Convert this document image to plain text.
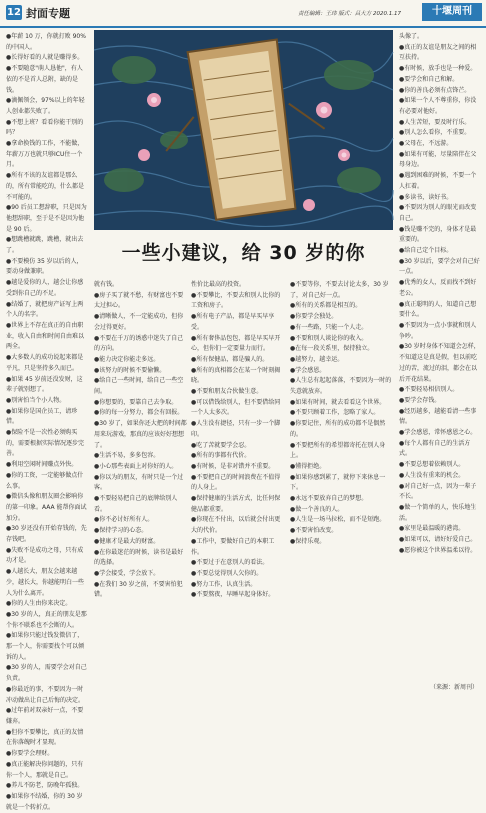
12 封面专题	责任编辑：王玮 版式：吕大方 2020.1.17	十堰周刊
一些小建议，给 30 岁的你

●年薪 10 万，你就打败 90%的中国人。

●长得好看的人就是赚得多。

●不要随意"萌人恳他"，有人依的不是首人总附，缺的是钱。

●滴佩领会，97%以上的年轻人创业都失败了。

●不想上班？看看你能干别的吗？

●拿命换钱的工作，不能做，年薪万万也就只够ICU住一个月。

●所有不该的友谊都是那么的，所有常能吃的，什么都是不可能的。

●90 后员工想辞职，只是因为他想辞职，至于是不是因为他是 90 后。

●想跳槽就跳，跳槽，就出去了。

●不要模仿 35 岁以后的人，要动身做兼职。

●越是爱你的人，越会让你感受到你自己的不足。

●结婚了，就把房产证写上两个人的名字。

●世界上不存在真正的自由职业，收入自由和时间自由难以两全。

●大多数人的成功说起来都是平凡，只是坚持多久而已。

●如果 45 岁前还没发财，这辈子就别想了。

●别害怕当个小人物。

●如果你是国企员工，请珍惜。

●保险不是一次性必须购买的，需要根据实际情况逐步完善。

●利用空闲时间赚点外快。

●你的工资，一定能够做点什么事。

●微信头像和朋友圈会影响你的第一印象。AAA 能帮你面试加分。

●30 岁还没有开始存钱的，先存钱吧。

●失败不是成功之母，只有成功才是。

●人越长大，朋友会越来越少，越长大，你越能明白一些人为什么离开。

●你的人生由你来决定。

●30 岁的人，真正的朋友是那个你不联系也不会断的人。

●如果你只能过钱发微信了，那一个人，你需要找个可以倾诉的人。

●30 岁的人，需要学会对自己负责。

●你最近的事，不要因为一时冲动做出让自己后悔的决定。

●过年前对双亲好一点，不要嫌弃。

●但你不要攀比，真正的友情在你落魄时才显现。

●你要学会理财。

●真正能解决你问题的，只有你一个人，那就是自己。

●养儿不防老，防晚年孤独。

●如果你不结婚，你的 30 岁就是一个转折点。

就有钱。

●房子买了就不愁，有财富也不要太过担心。

●清晰做人，不一定能成功，但你会过得更好。

●不要在千万的诱惑中迷失了自己的方向。

●能力决定你能走多远。

●该努力的时候不要偷懒。

●给自己一些时间，给自己一些空间。

●你想要的，要靠自己去争取。

●你的每一分努力，都会有回报。

●30 岁了，如果你还大把的时间都用来玩游戏，那真的应该好好想想了。

●生活不易，多多包容。

●小心那些表面上对你好的人。

●你以为的朋友，有时只是一个过客。

●不要轻易把自己的底牌给别人看。

●你不必讨好所有人。

●保持学习的心态。

●健康才是最大的财富。

●在你最迷茫的时候，读书是最好的选择。

●学会接受，学会放下。

●在我们 30 岁之前，不要害怕犯错。

性价比最高的投资。

●不要攀比，不要去和别人比你的工资和房子。

●所有电子产品，都是早买早享受。

●所有奢侈品包包，都是早买早开心，但你们一定要量力而行。

●所有保健品，都是骗人的。

●所有的真相都会在某一个时刻揭晓。

●不要和朋友合伙做生意。

●可以借钱给别人，但不要借给同一个人太多次。

●人生没有捷径，只有一步一个脚印。

●吃了苦就要学会忍。

●所有的事都有代价。

●有时候，是非对错并不重要。

●不要把自己的时间浪费在不值得的人身上。

●保持健康的生活方式，比任何保健品都重要。

●你现在不付出，以后就会付出更大的代价。

●工作中，要做好自己的本职工作。

●不要过于在意别人的看法。

●不要总觉得别人欠你的。

●努力工作，认真生活。

●不要熬夜，早睡早起身体好。

●不要等你，不要去讨论太多，30 岁了，对自己好一点。

●所有的关系都是相互的。

●你要学会独处。

●有一些路，只能一个人走。

●不要和别人谈论你的收入。

●在每一段关系里，保持独立。

●越努力，越幸运。

●学会感恩。

●人生总有起起落落，不要因为一时的失意就放弃。

●如果有时间，就去看看这个世界。

●不要只顾着工作，忽略了家人。

●你要记住，所有的成功都不是偶然的。

●不要把所有的希望都寄托在别人身上。

●懂得拒绝。

●如果你感到累了，就停下来休息一下。

●永远不要放弃自己的梦想。

●做一个善良的人。

●人生是一场马拉松，而不是短跑。

●不要害怕改变。

●保持乐观。

头像了。

●真正的友谊是朋友之间的相互扶持。

●有时候，放手也是一种爱。

●要学会和自己和解。

●你的善良必须有点锋芒。

●如果一个人不尊重你，你没有必要对他好。

●人生苦短，要及时行乐。

●别人怎么看你，不重要。

●父母在，不远游。

●如果有可能，尽量陪伴在父母身边。

●遇到困难的时候，不要一个人扛着。

●多读书，读好书。

●不要因为别人的眼光而改变自己。

●钱是赚不完的，身体才是最重要的。

●给自己定个目标。

●30 岁以后，要学会对自己好一点。

●优秀的女人，反而找不到好老公。

●真正聪明的人，知道自己想要什么。

●不要因为一点小事就和别人争吵。

●30 岁时身体不知道会怎样，不知道这是真是假，但以前吃过的苦，流过的泪，都会在以后开花结果。

●不要轻易相信别人。

●要学会存钱。

●经历越多，越能看清一些事情。

●学会感恩，常怀感恩之心。

●每个人都有自己的生活方式。

●不要总想着依赖别人。

●人生没有重来的机会。

●对自己好一点，因为一辈子不长。

●做一个简单的人，快乐地生活。

●家里是最温暖的港湾。

●如果可以，请好好爱自己。

●愿你被这个世界温柔以待。

（来源：新周刊）
